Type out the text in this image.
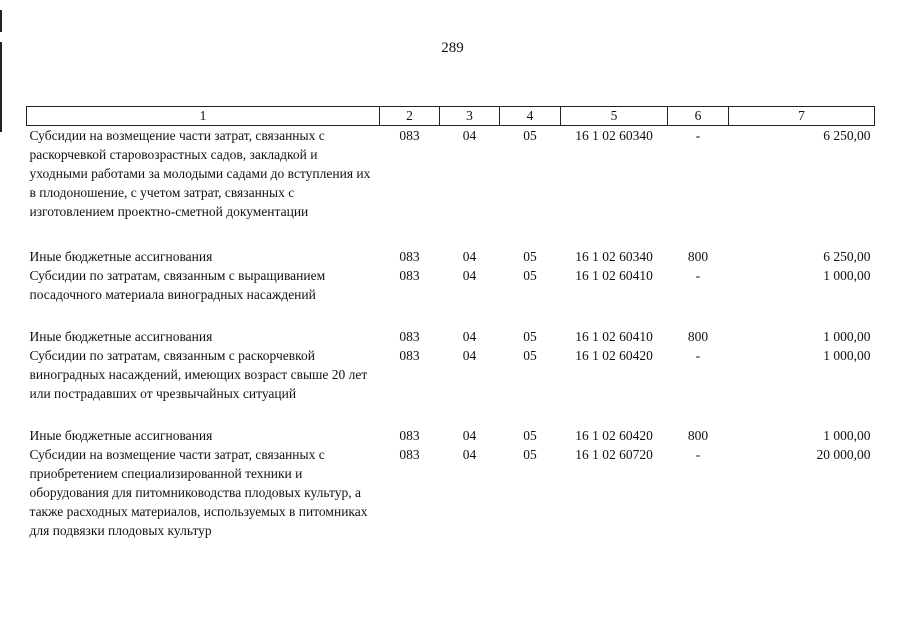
289
1	2	3	4	5	6	7
Субсидии на возмещение части затрат, связанных с раскорчевкой старовозрастных садов, закладкой и уходными работами за молодыми садами до вступления их в плодоношение, с учетом затрат, связанных с изготовлением проектно-сметной документации	083	04	05	16 1 02 60340	-	6 250,00
Иные бюджетные ассигнования	083	04	05	16 1 02 60340	800	6 250,00
Субсидии по затратам, связанным с выращиванием посадочного материала виноградных насаждений	083	04	05	16 1 02 60410	-	1 000,00
Иные бюджетные ассигнования	083	04	05	16 1 02 60410	800	1 000,00
Субсидии по затратам, связанным с раскорчевкой виноградных насаждений, имеющих возраст свыше 20 лет или пострадавших от чрезвычайных ситуаций	083	04	05	16 1 02 60420	-	1 000,00
Иные бюджетные ассигнования	083	04	05	16 1 02 60420	800	1 000,00
Субсидии на возмещение части затрат, связанных с приобретением специализированной техники и оборудования для питомниководства плодовых культур, а также расходных материалов, используемых в питомниках для подвязки плодовых культур	083	04	05	16 1 02 60720	-	20 000,00
